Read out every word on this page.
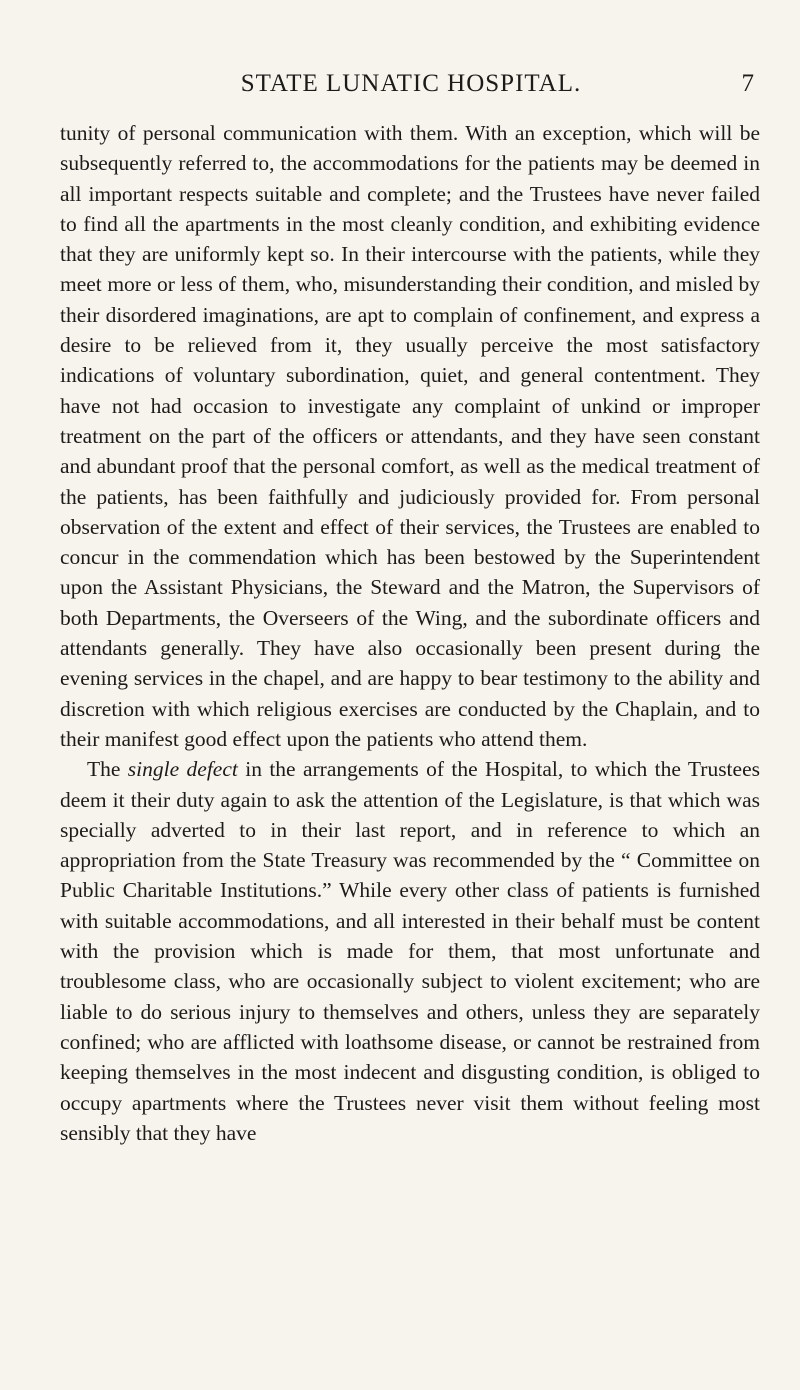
STATE LUNATIC HOSPITAL.	7

tunity of personal communication with them. With an exception, which will be subsequently referred to, the accommodations for the patients may be deemed in all important respects suitable and complete; and the Trustees have never failed to find all the apartments in the most cleanly condition, and exhibiting evidence that they are uniformly kept so. In their intercourse with the patients, while they meet more or less of them, who, misunderstanding their condition, and misled by their disordered imaginations, are apt to complain of confinement, and express a desire to be relieved from it, they usually perceive the most satisfactory indications of voluntary subordination, quiet, and general contentment. They have not had occasion to investigate any complaint of unkind or improper treatment on the part of the officers or attendants, and they have seen constant and abundant proof that the personal comfort, as well as the medical treatment of the patients, has been faithfully and judiciously provided for. From personal observation of the extent and effect of their services, the Trustees are enabled to concur in the commendation which has been bestowed by the Superintendent upon the Assistant Physicians, the Steward and the Matron, the Supervisors of both Departments, the Overseers of the Wing, and the subordinate officers and attendants generally. They have also occasionally been present during the evening services in the chapel, and are happy to bear testimony to the ability and discretion with which religious exercises are conducted by the Chaplain, and to their manifest good effect upon the patients who attend them.

The single defect in the arrangements of the Hospital, to which the Trustees deem it their duty again to ask the attention of the Legislature, is that which was specially adverted to in their last report, and in reference to which an appropriation from the State Treasury was recommended by the “ Committee on Public Charitable Institutions.” While every other class of patients is furnished with suitable accommodations, and all interested in their behalf must be content with the provision which is made for them, that most unfortunate and troublesome class, who are occasionally subject to violent excitement; who are liable to do serious injury to themselves and others, unless they are separately confined; who are afflicted with loathsome disease, or cannot be restrained from keeping themselves in the most indecent and disgusting condition, is obliged to occupy apartments where the Trustees never visit them without feeling most sensibly that they have
